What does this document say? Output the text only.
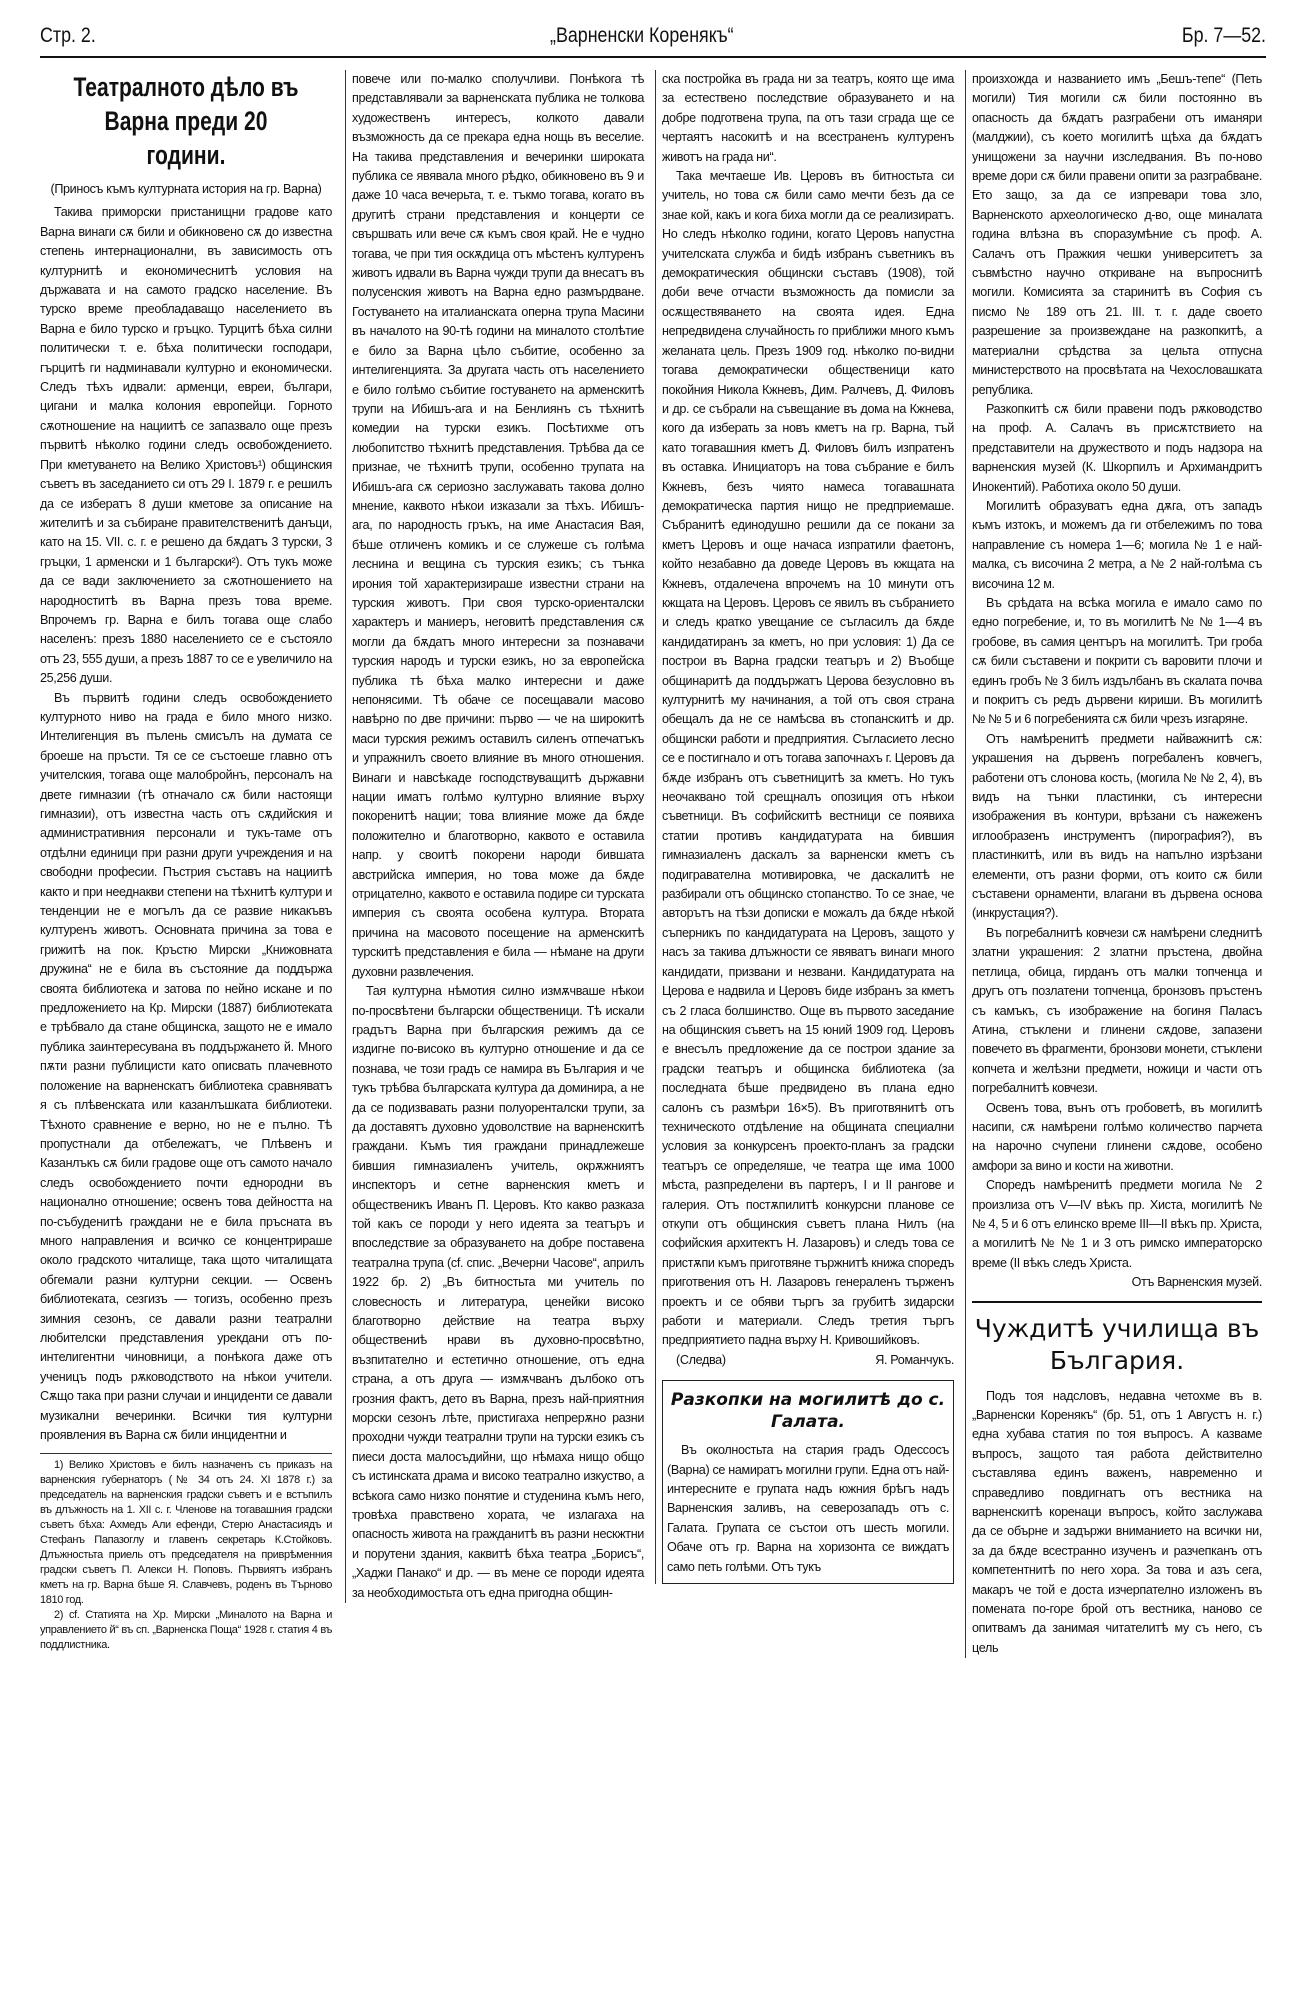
Стр. 2.	„Варненски Коренякъ“	Бр. 7—52.
Театралното дѣло въ Варна преди 20 години.

(Приносъ къмъ културната история на гр. Варна)

Такива приморски пристанищни градове като Варна винаги сѫ били и обикновено сѫ до известна степень интернационални, въ зависимость отъ културнитѣ и економичеснитѣ условия на държавата и на самото градско население. Въ турско време преобладаващо населението въ Варна е било турско и гръцко. Турцитѣ бѣха силни политически т. е. бѣха политически господари, гърцитѣ ги надминавали културно и економически. Следъ тѣхъ идвали: арменци, евреи, българи, цигани и малка колония европейци. Горното сѫотношение на нациитѣ се запазвало още презъ първитѣ нѣколко години следъ освобождението. При кметуването на Велико Христовъ¹) общинския съветъ въ заседанието си отъ 29 I. 1879 г. е решилъ да се избератъ 8 души кметове за описание на жителитѣ и за събиране правителственитѣ данъци, като на 15. VII. с. г. е решено да бѫдатъ 3 турски, 3 гръцки, 1 арменски и 1 български²). Отъ тукъ може да се вади заключението за сѫотношението на народноститѣ въ Варна презъ това време. Впрочемъ гр. Варна е билъ тогава още слабо населенъ: презъ 1880 населението се е състояло отъ 23, 555 души, а презъ 1887 то се е увеличило на 25,256 души.

Въ първитѣ години следъ освобождението културното ниво на града е било много низко. Интелигенция въ пълень смисълъ на думата се броеше на пръсти. Тя се се състоеше главно отъ учителския, тогава още малобройнъ, персоналъ на двете гимназии (тѣ отначало сѫ били настоящи гимназии), отъ известна часть отъ сѫдийския и административния персонали и тукъ-таме отъ отдѣлни единици при разни други учреждения и на свободни професии. Пъстрия съставъ на нациитѣ както и при нееднакви степени на тѣхнитѣ култури и тенденции не е могълъ да се развие никакъвъ културенъ животъ. Основната причина за това е грижитѣ на пок. Кръстю Мирски „Книжовната дружина“ не е била въ състояние да поддържа своята библиотека и затова по нейно искане и по предложението на Кр. Мирски (1887) библиотеката е трѣбвало да стане общинска, защото не е имало публика заинтересувана въ поддържането й. Много пѫти разни публицисти като описвать плачевното положение на варненскатъ библиотека сравняватъ я съ плѣвенската или казанлъшката библиотеки. Тѣхното сравнение е верно, но не е пълно. Тѣ пропустнали да отбележатъ, че Плѣвенъ и Казанлъкъ сѫ били градове още отъ самото начало следъ освобождението почти еднородни въ национално отношение; освенъ това дейността на по-събуденитѣ граждани не е била пръсната въ много направления и всичко се концентрираше около градското читалище, така щото читалищата обгемали разни културни секции. — Освенъ библиотеката, сезгизъ — тогизъ, особенно презъ зимния сезонъ, се давали разни театрални любителски представления урекдани отъ по-интелигентни чиновници, а понѣкога даже отъ ученицъ подъ рѫководството на нѣкои учители. Сѫщо така при разни случаи и инциденти се давали музикални вечеринки. Всички тия културни проявления въ Варна сѫ били инцидентни и

1) Велико Христовъ е билъ назначенъ съ приказъ на варненския губернаторъ (№ 34 отъ 24. XI 1878 г.) за председатель на варненския градски съветъ и е встъпилъ въ длъжность на 1. XII с. г. Членове на тогавашния градски съветъ бѣха: Ахмедъ Али ефенди, Стерю Анастасиядъ и Стефанъ Папазоглу и главенъ секретарь К.Стойковъ. Длъжностьта приель отъ председателя на приврѣменния градски съветъ П. Алекси Н. Поповъ. Първиятъ избранъ кметъ на гр. Варна бѣше Я. Славчевъ, роденъ въ Търново 1810 год.

2) cf. Статията на Хр. Мирски „Миналото на Варна и управлението й“ въ сп. „Варненска Поща“ 1928 г. статия 4 въ поддлистника.

повече или по-малко сполучливи. Понѣкога тѣ представлявали за варненската публика не толкова художественъ интересъ, колкото давали възможность да се прекара една нощь въ веселие. На такива представления и вечеринки широката публика се явявала много рѣдко, обикновено въ 9 и даже 10 часа вечерьта, т. е. тъкмо тогава, когато въ другитѣ страни представления и концерти се свършвать или вече сѫ къмъ своя край. Не е чудно тогава, че при тия оскѫдица отъ мѣстенъ културенъ животъ идвали въ Варна чужди трупи да внесатъ въ полусенския животъ на Варна едно размърдване. Гостуването на италианската оперна трупа Масини въ началото на 90-тѣ години на миналото столѣтие е било за Варна цѣло събитие, особенно за интелигенцията. За другата часть отъ населението е било голѣмо събитие гостуването на арменскитѣ трупи на Ибишъ-ага и на Бенлиянъ съ тѣхнитѣ комедии на турски езикъ. Посѣтихме отъ любопитство тѣхнитѣ представления. Трѣбва да се признае, че тѣхнитѣ трупи, особенно трупата на Ибишъ-ага сѫ сериозно заслужавать такова долно мнение, каквото нѣкои изказали за тѣхъ. Ибишъ-ага, по народность гръкъ, на име Анастасия Вая, бѣше отличенъ комикъ и се служеше съ голѣма леснина и вещина съ турския езикъ; съ тънка ирония той характеризираше известни страни на турския животъ. При своя турско-ориенталски характеръ и маниеръ, неговитѣ представления сѫ могли да бѫдатъ много интересни за познавачи турския народъ и турски езикъ, но за европейска публика тѣ бѣха малко интересни и даже непонясими. Тѣ обаче се посещавали масово навѣрно по две причини: първо — че на широкитѣ маси турския режимъ оставилъ силенъ отпечатъкъ и упражнилъ своето влияние въ много отношения. Винаги и навсѣкаде господствуващитѣ държавни нации иматъ голѣмо културно влияние върху покоренитѣ нации; това влияние може да бѫде положително и благотворно, каквото е оставила напр. у своитѣ покорени народи бившата австрийска империя, но това може да бѫде отрицателно, каквото е оставила подире си турската империя съ своята особена култура. Втората причина на масовото посещение на арменскитѣ турскитѣ представления е била — нѣмане на други духовни развлечения.

Тая културна нѣмотия силно измѫчваше нѣкои по-просвѣтени български общественици. Тѣ искали градътъ Варна при българския режимъ да се издигне по-високо въ културно отношение и да се познава, че този градъ се намира въ България и че тукъ трѣбва българската култура да доминира, а не да се подизвавать разни полуоренталски трупи, за да доставятъ духовно удоволствие на варненскитѣ граждани. Къмъ тия граждани принадлежеше бившия гимназиаленъ учитель, окрѫжниятъ инспекторъ и сетне варненския кметъ и общественикъ Иванъ П. Церовъ. Кто какво разказа той какъ се породи у него идеята за театъръ и впоследствие за образуването на добре поставена театрална трупа (cf. спис. „Вечерни Часове“, априлъ 1922 бр. 2) „Въ битностьта ми учитель по словесность и литература, ценейки високо благотворно действие на театра върху обществениѣ нрави въ духовно-просвѣтно, възпитателно и естетично отношение, отъ една страна, а отъ друга — измѫчванъ дълбоко отъ грозния фактъ, дето въ Варна, презъ най-приятния морски сезонъ лѣте, пристигаха непрерѫно разни проходни чужди театрални трупи на турски езикъ съ пиеси доста малосъдийни, що нѣмаха нищо общо съ истинската драма и високо театрално изкуство, а всѣкога само низко понятие и студенина къмъ него, тровѣха правствено хората, че излагаха на опасность живота на гражданитѣ въ разни нескжтни и порутени здания, каквитѣ бѣха театра „Борисъ“, „Хаджи Панако“ и др. — въ мене се породи идеята за необходимостьта отъ една пригодна общин-

ска постройка въ града ни за театръ, която ще има за естествено последствие образуването и на добре подготвена трупа, па отъ тази сграда ще се чертаятъ насокитѣ и на всестраненъ културенъ животъ на града ни“.

Така мечтаеше Ив. Церовъ въ битностьта си учитель, но това сѫ били само мечти безъ да се знае кой, какъ и кога биха могли да се реализиратъ. Но следъ нѣколко години, когато Церовъ напустна учителската служба и бидѣ избранъ съветникъ въ демократическия общински съставъ (1908), той доби вече отчасти възможность да помисли за осѫществяването на своята идея. Една непредвидена случайность го приближи много къмъ желаната цель. Презъ 1909 год. нѣколко по-видни тогава демократически общественици като покойния Никола Кжневъ, Дим. Ралчевъ, Д. Филовъ и др. се събрали на съвещание въ дома на Кжнева, кого да изберать за новъ кметъ на гр. Варна, тъй като тогавашния кметъ Д. Филовъ билъ изпратенъ въ оставка. Инициаторъ на това събрание е билъ Кжневъ, безъ чиято намеса тогавашната демократическа партия нищо не предприемаше. Събранитѣ единодушно решили да се покани за кметъ Церовъ и още начаса изпратили фаетонъ, който незабавно да доведе Церовъ въ кжщата на Кжневъ, отдалечена впрочемъ на 10 минути отъ кжщата на Церовъ. Церовъ се явилъ въ събранието и следъ кратко увещание се съгласилъ да бѫде кандидатиранъ за кметъ, но при условия: 1) Да се построи въ Варна градски театъръ и 2) Въобще общинаритѣ да поддържатъ Церова безусловно въ културнитѣ му начинания, а той отъ своя страна обещалъ да не се намѣсва въ стопанскитѣ и др. общински работи и предприятия. Съгласието лесно се е постигнало и отъ тогава започнахъ г. Церовъ да бѫде избранъ отъ съветницитѣ за кметъ. Но тукъ неочаквано той срещналъ опозиция отъ нѣкои съветници. Въ софийскитѣ вестници се появиха статии противъ кандидатурата на бившия гимназиаленъ даскалъ за варненски кметъ съ подигравателна мотивировка, че даскалитѣ не разбирали отъ общинско стопанство. То се знае, че авторътъ на тѣзи дописки е можалъ да бѫде нѣкой съперникъ по кандидатурата на Церовъ, защото у насъ за такива длъжности се явяватъ винаги много кандидати, призвани и незвани. Кандидатурата на Церова е надвила и Церовъ биде избранъ за кметъ съ 2 гласа болшинство. Още въ първото заседание на общинския съветъ на 15 юний 1909 год. Церовъ е внесълъ предложение да се построи здание за градски театъръ и общинска библиотека (за последната бѣше предвидено въ плана едно салонъ съ размѣри 16×5). Въ приготвянитѣ отъ техническото отдѣление на общината специални условия за конкурсенъ проекто-планъ за градски театъръ се определяше, че театра ще има 1000 мѣста, разпределени въ партеръ, I и II рангове и галерия. Отъ постѫпилитѣ конкурсни планове се откупи отъ общинския съветъ плана Нилъ (на софийския архитектъ Н. Лазаровъ) и следъ това се пристѫпи къмъ приготвяне тържнитѣ книжа споредъ приготвения отъ Н. Лазаровъ генераленъ търженъ проектъ и се обяви търгъ за грубитѣ зидарски работи и материали. Следъ третия търгъ предприятието падна върху Н. Кривошийковъ.

(Следва)	Я. Романчукъ.

Разкопки на могилитѣ до с. Галата.

Въ околностьта на стария градъ Одессосъ (Варна) се намиратъ могилни групи. Една отъ най-интересните е групата надъ южния брѣгъ надъ Варненския заливъ, на северозападъ отъ с. Галата. Групата се състои отъ шесть могили. Обаче отъ гр. Варна на хоризонта се виждатъ само петь голѣми. Отъ тукъ

произхожда и названието имъ „Бешъ-тепе“ (Петь могили) Тия могили сѫ били постоянно въ опасность да бѫдатъ разграбени отъ иманяри (малджии), съ което могилитѣ щѣха да бѫдатъ унищожени за научни изследвания. Въ по-ново време дори сѫ били правени опити за разграбване. Ето защо, за да се изпревари това зло, Варненското археологическо д-во, още миналата година влѣзна въ споразумѣние съ проф. А. Салачъ отъ Пражкия чешки университетъ за съвмѣстно научно откриване на въпроснитѣ могили. Комисията за старинитѣ въ София съ писмо № 189 отъ 21. III. т. г. даде своето разрешение за произвеждане на разкопкитѣ, а материални срѣдства за цельта отпусна министерството на просвѣтата на Чехословашката република.

Разкопкитѣ сѫ били правени подъ рѫководство на проф. А. Салачъ въ присѫтствието на представители на дружеството и подъ надзора на варненския музей (К. Шкорпилъ и Архимандритъ Инокентий). Работиха около 50 души.

Могилитѣ образуватъ една дѫга, отъ западъ къмъ изтокъ, и можемъ да ги отбележимъ по това направление съ номера 1—6; могила № 1 е най-малка, съ височина 2 метра, а № 2 най-голѣма съ височина 12 м.

Въ срѣдата на всѣка могила е имало само по едно погребение, и, то въ могилитѣ № № 1—4 въ гробове, въ самия центъръ на могилитѣ. Три гроба сѫ били съставени и покрити съ варовити плочи и единъ гробъ № 3 билъ издълбанъ въ скалата почва и покритъ съ редъ дървени кириши. Въ могилитѣ № № 5 и 6 погребенията сѫ били чрезъ изгаряне.

Отъ намѣренитѣ предмети найважнитѣ сѫ: украшения на дървенъ погребаленъ ковчегъ, работени отъ слонова кость, (могила № № 2, 4), въ видъ на тънки пластинки, съ интересни изображения въ контури, врѣзани съ нажеженъ иглообразенъ инструментъ (пирография?), въ пластинкитѣ, или въ видъ на напълно изрѣзани елементи, отъ разни форми, отъ които сѫ били съставени орнаменти, влагани въ дървена основа (инкрустация?).

Въ погребалнитѣ ковчези сѫ намѣрени следнитѣ златни украшения: 2 златни пръстена, двойна петлица, обица, гирданъ отъ малки топченца и другъ отъ позлатени топченца, бронзовъ пръстенъ съ камъкъ, съ изображение на богиня Паласъ Атина, стъклени и глинени сѫдове, запазени повечето въ фрагменти, бронзови монети, стъклени копчета и желѣзни предмети, ножици и части отъ погребалнитѣ ковчези.

Освенъ това, вънъ отъ гробоветѣ, въ могилитѣ насипи, сѫ намѣрени голѣмо количество парчета на нарочно счупени глинени сѫдове, особено амфори за вино и кости на животни.

Споредъ намѣренитѣ предмети могила № 2 произлиза отъ V—IV вѣкъ пр. Хиста, могилитѣ № № 4, 5 и 6 отъ елинско време III—II вѣкъ пр. Христа, а могилитѣ № № 1 и 3 отъ римско императорско време (II вѣкъ следъ Христа.

Отъ Варненския музей.

Чуждитѣ училища въ България.

Подъ тоя надсловъ, недавна четохме въ в. „Варненски Коренякъ“ (бр. 51, отъ 1 Августъ н. г.) една хубава статия по тоя въпросъ. А казваме въпросъ, защото тая работа действително съставлява единъ важенъ, навременно и справедливо повдигнатъ отъ вестника на варненскитѣ коренаци въпросъ, който заслужава да се обърне и задържи вниманието на всички ни, за да бѫде всестранно изученъ и разчепканъ отъ компетентнитѣ по него хора. За това и азъ сега, макаръ че той е доста изчерпателно изложенъ въ помената по-горе брой отъ вестника, наново се опитвамъ да занимая читателитѣ му съ него, съ цель
